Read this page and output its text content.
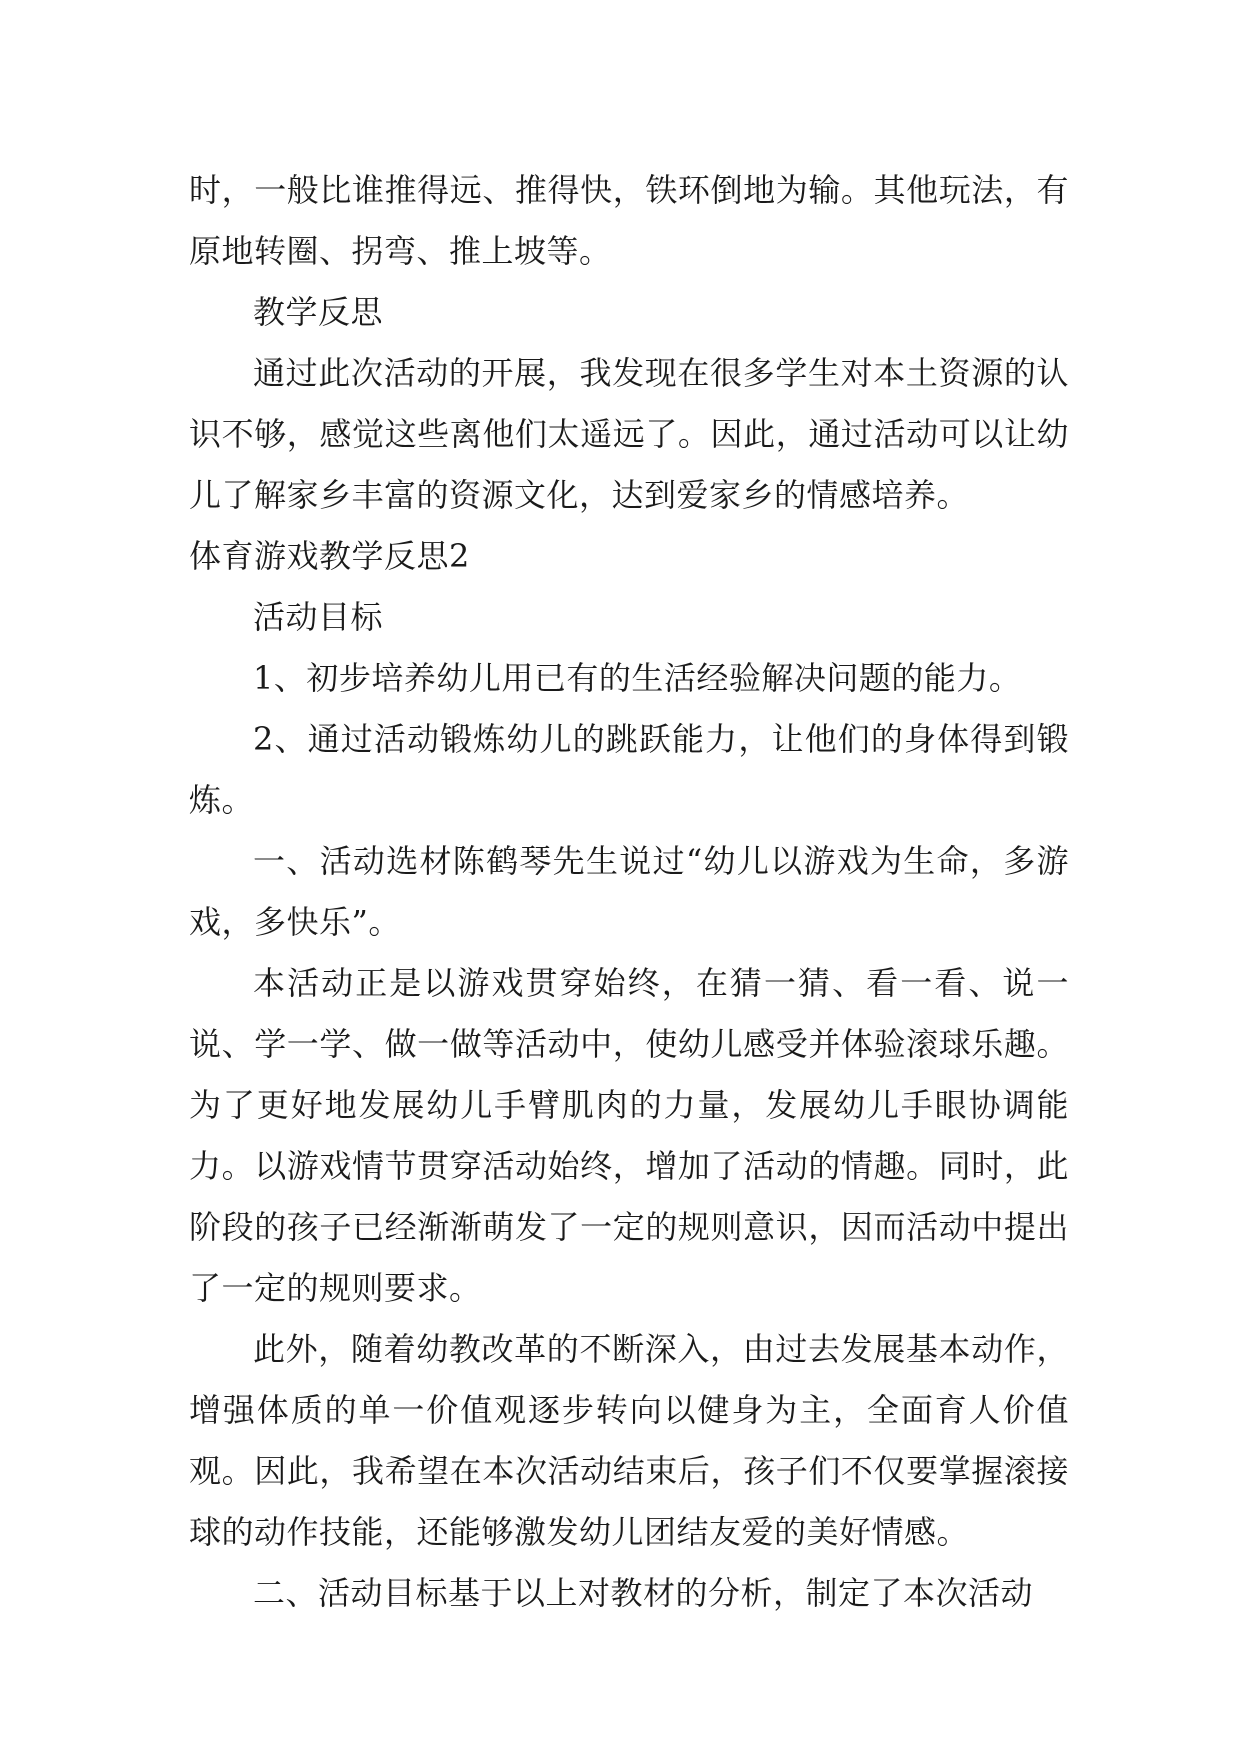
时，一般比谁推得远、推得快，铁环倒地为输。其他玩法，有原地转圈、拐弯、推上坡等。

教学反思

通过此次活动的开展，我发现在很多学生对本土资源的认识不够，感觉这些离他们太遥远了。因此，通过活动可以让幼儿了解家乡丰富的资源文化，达到爱家乡的情感培养。

体育游戏教学反思2

活动目标

1、初步培养幼儿用已有的生活经验解决问题的能力。

2、通过活动锻炼幼儿的跳跃能力，让他们的身体得到锻炼。

一、活动选材陈鹤琴先生说过“幼儿以游戏为生命，多游戏，多快乐”。

本活动正是以游戏贯穿始终，在猜一猜、看一看、说一说、学一学、做一做等活动中，使幼儿感受并体验滚球乐趣。为了更好地发展幼儿手臂肌肉的力量，发展幼儿手眼协调能力。以游戏情节贯穿活动始终，增加了活动的情趣。同时，此阶段的孩子已经渐渐萌发了一定的规则意识，因而活动中提出了一定的规则要求。

此外，随着幼教改革的不断深入，由过去发展基本动作，增强体质的单一价值观逐步转向以健身为主，全面育人价值观。因此，我希望在本次活动结束后，孩子们不仅要掌握滚接球的动作技能，还能够激发幼儿团结友爱的美好情感。

二、活动目标基于以上对教材的分析，制定了本次活动
